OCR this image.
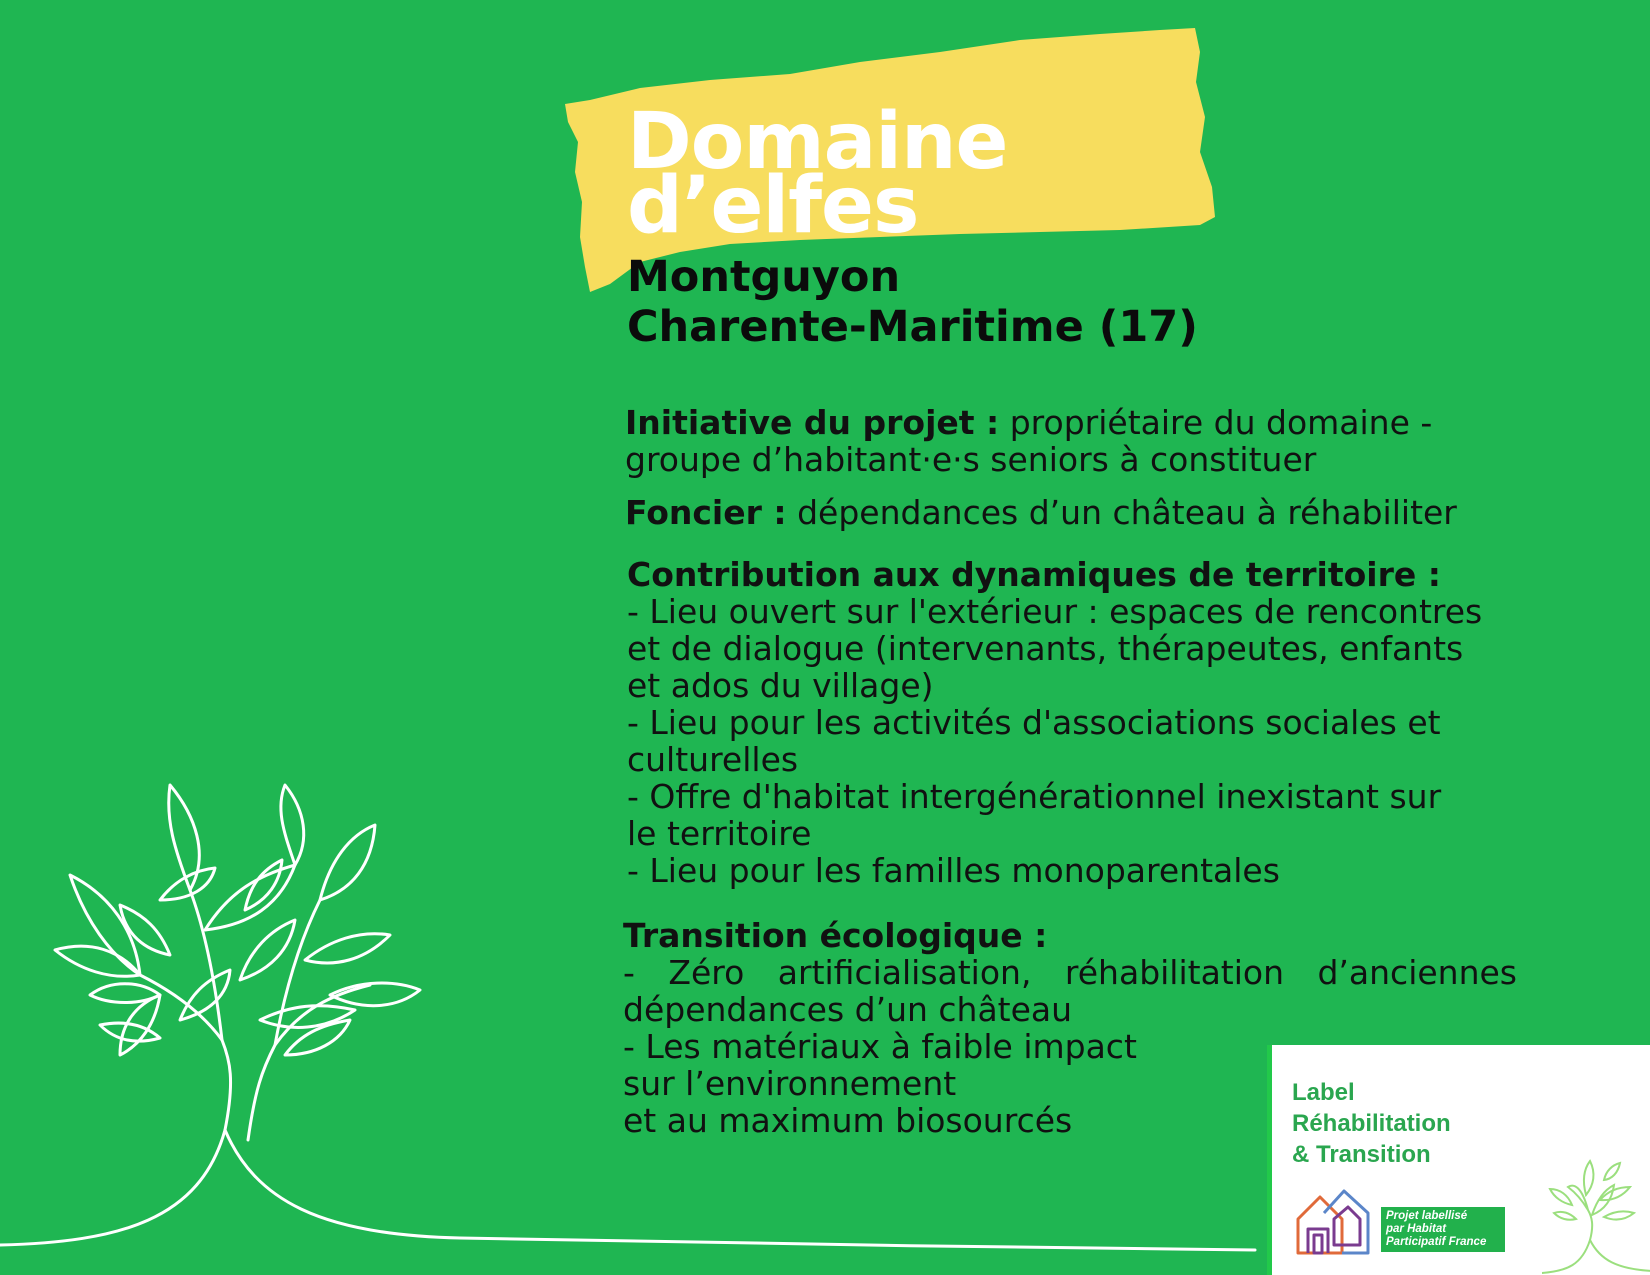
Domaine
d’elfes
Montguyon
Charente-Maritime (17)

Initiative du projet : propriétaire du domaine -
groupe d’habitant·e·s seniors à constituer

Foncier : dépendances d’un château à réhabiliter

Contribution aux dynamiques de territoire :
- Lieu ouvert sur l'extérieur : espaces de rencontres
et de dialogue (intervenants, thérapeutes, enfants
et ados du village)
- Lieu pour les activités d'associations sociales et
culturelles
- Offre d'habitat intergénérationnel inexistant sur
le territoire
- Lieu pour les familles monoparentales
Transition écologique :
- Zéro artificialisation, réhabilitation d’anciennes
dépendances d’un château
- Les matériaux à faible impact
sur l’environnement
et au maximum biosourcés

Label
Réhabilitation
& Transition

Projet labellisé
par Habitat
Participatif France
